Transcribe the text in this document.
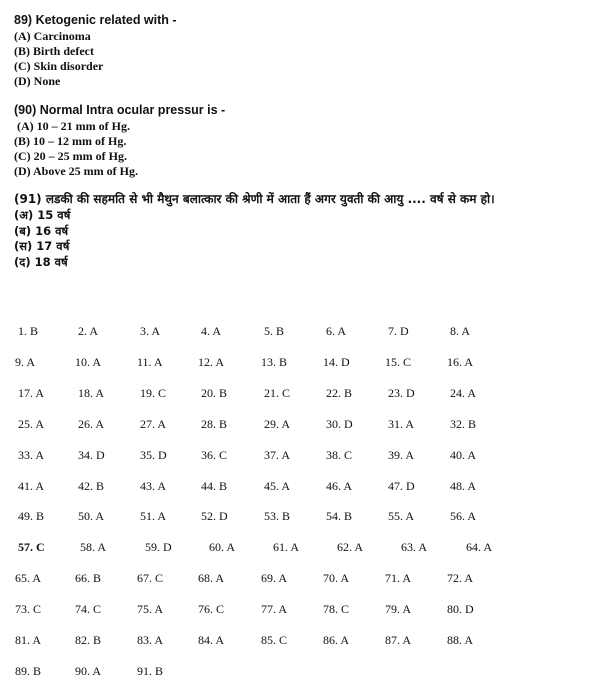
89) Ketogenic related with -
(A) Carcinoma
(B) Birth defect
(C) Skin disorder
(D) None
(90) Normal Intra ocular pressur is -
(A) 10 – 21 mm of Hg.
(B) 10 – 12 mm of Hg.
(C) 20 – 25 mm of Hg.
(D) Above 25 mm of Hg.
(91) लडकी की सहमति से भी मैथुन बलात्कार की श्रेणी में आता हैं अगर युवती की आयु .... वर्ष से कम हो।
(अ) 15 वर्ष
(ब) 16 वर्ष
(स) 17 वर्ष
(द) 18 वर्ष
1. B	2. A	3. A	4. A	5. B	6. A	7. D	8. A
9. A	10. A	11. A	12. A	13. B	14. D	15. C	16. A
17. A	18. A	19. C	20. B	21. C	22. B	23. D	24. A
25. A	26. A	27. A	28. B	29. A	30. D	31. A	32. B
33. A	34. D	35. D	36. C	37. A	38. C	39. A	40. A
41. A	42. B	43. A	44. B	45. A	46. A	47. D	48. A
49. B	50. A	51. A	52. D	53. B	54. B	55. A	56. A
57. C	58. A	59. D	60. A	61. A	62. A	63. A	64. A
65. A	66. B	67. C	68. A	69. A	70. A	71. A	72. A
73. C	74. C	75. A	76. C	77. A	78. C	79. A	80. D
81. A	82. B	83. A	84. A	85. C	86. A	87. A	88. A
89. B	90. A	91. B
